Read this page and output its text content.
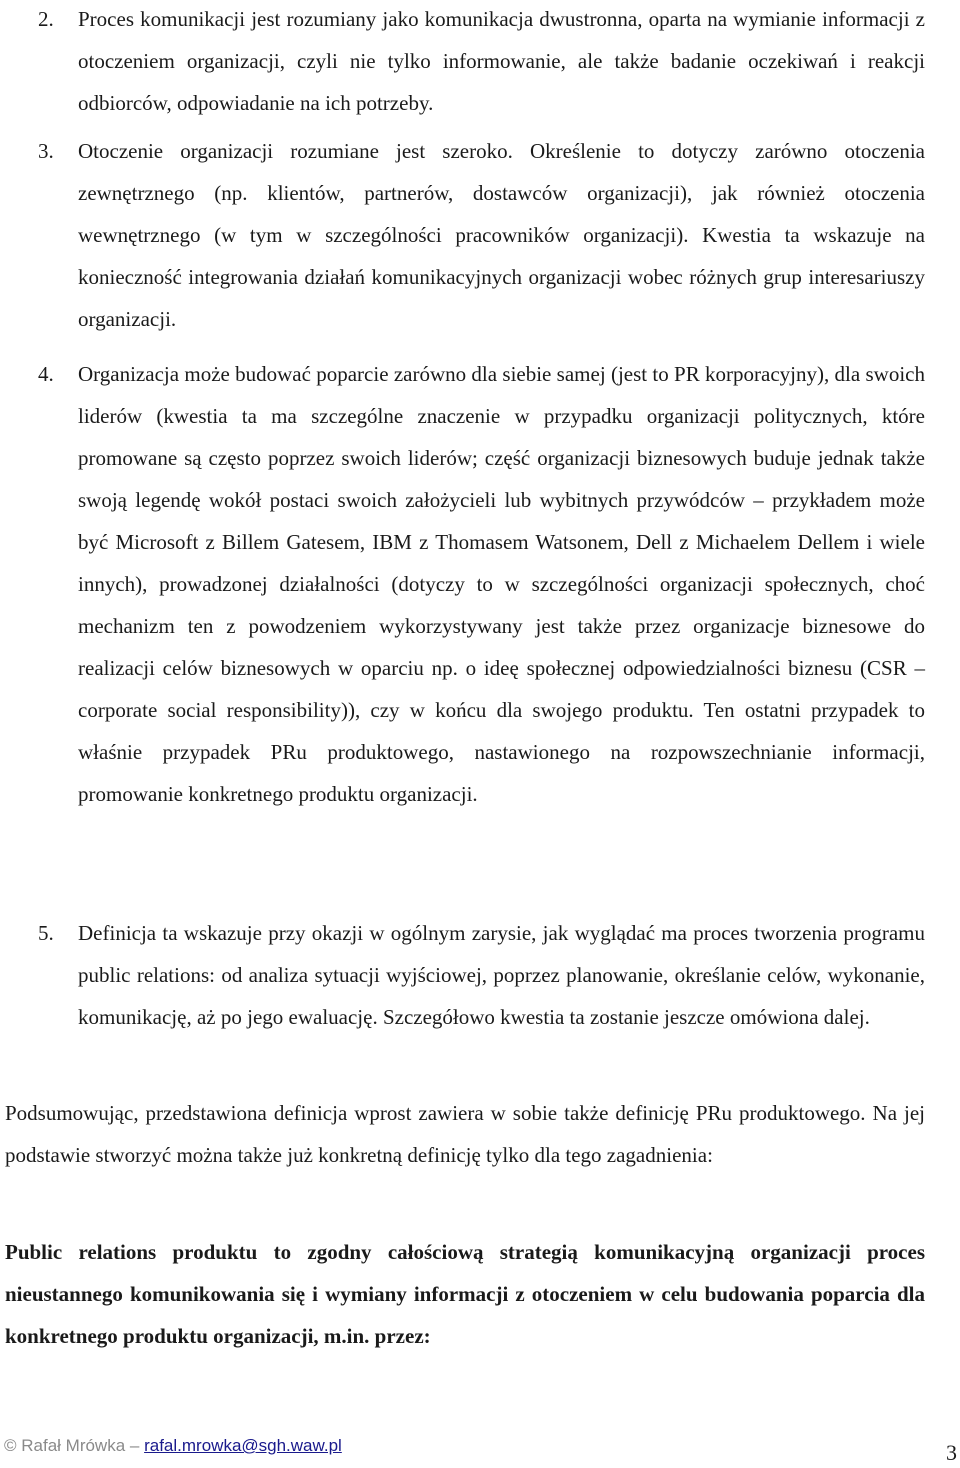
2. Proces komunikacji jest rozumiany jako komunikacja dwustronna, oparta na wymianie informacji z otoczeniem organizacji, czyli nie tylko informowanie, ale także badanie oczekiwań i reakcji odbiorców, odpowiadanie na ich potrzeby.
3. Otoczenie organizacji rozumiane jest szeroko. Określenie to dotyczy zarówno otoczenia zewnętrznego (np. klientów, partnerów, dostawców organizacji), jak również otoczenia wewnętrznego (w tym w szczególności pracowników organizacji). Kwestia ta wskazuje na konieczność integrowania działań komunikacyjnych organizacji wobec różnych grup interesariuszy organizacji.
4. Organizacja może budować poparcie zarówno dla siebie samej (jest to PR korporacyjny), dla swoich liderów (kwestia ta ma szczególne znaczenie w przypadku organizacji politycznych, które promowane są często poprzez swoich liderów; część organizacji biznesowych buduje jednak także swoją legendę wokół postaci swoich założycieli lub wybitnych przywódców – przykładem może być Microsoft z Billem Gatesem, IBM z Thomasem Watsonem, Dell z Michaelem Dellem i wiele innych), prowadzonej działalności (dotyczy to w szczególności organizacji społecznych, choć mechanizm ten z powodzeniem wykorzystywany jest także przez organizacje biznesowe do realizacji celów biznesowych w oparciu np. o ideę społecznej odpowiedzialności biznesu (CSR – corporate social responsibility)), czy w końcu dla swojego produktu. Ten ostatni przypadek to właśnie przypadek PRu produktowego, nastawionego na rozpowszechnianie informacji, promowanie konkretnego produktu organizacji.
5. Definicja ta wskazuje przy okazji w ogólnym zarysie, jak wyglądać ma proces tworzenia programu public relations: od analiza sytuacji wyjściowej, poprzez planowanie, określanie celów, wykonanie, komunikację, aż po jego ewaluację. Szczegółowo kwestia ta zostanie jeszcze omówiona dalej.
Podsumowując, przedstawiona definicja wprost zawiera w sobie także definicję PRu produktowego. Na jej podstawie stworzyć można także już konkretną definicję tylko dla tego zagadnienia:
Public relations produktu to zgodny całościową strategią komunikacyjną organizacji proces nieustannego komunikowania się i wymiany informacji z otoczeniem w celu budowania poparcia dla konkretnego produktu organizacji, m.in. przez:
© Rafał Mrówka – rafal.mrowka@sgh.waw.pl	3
